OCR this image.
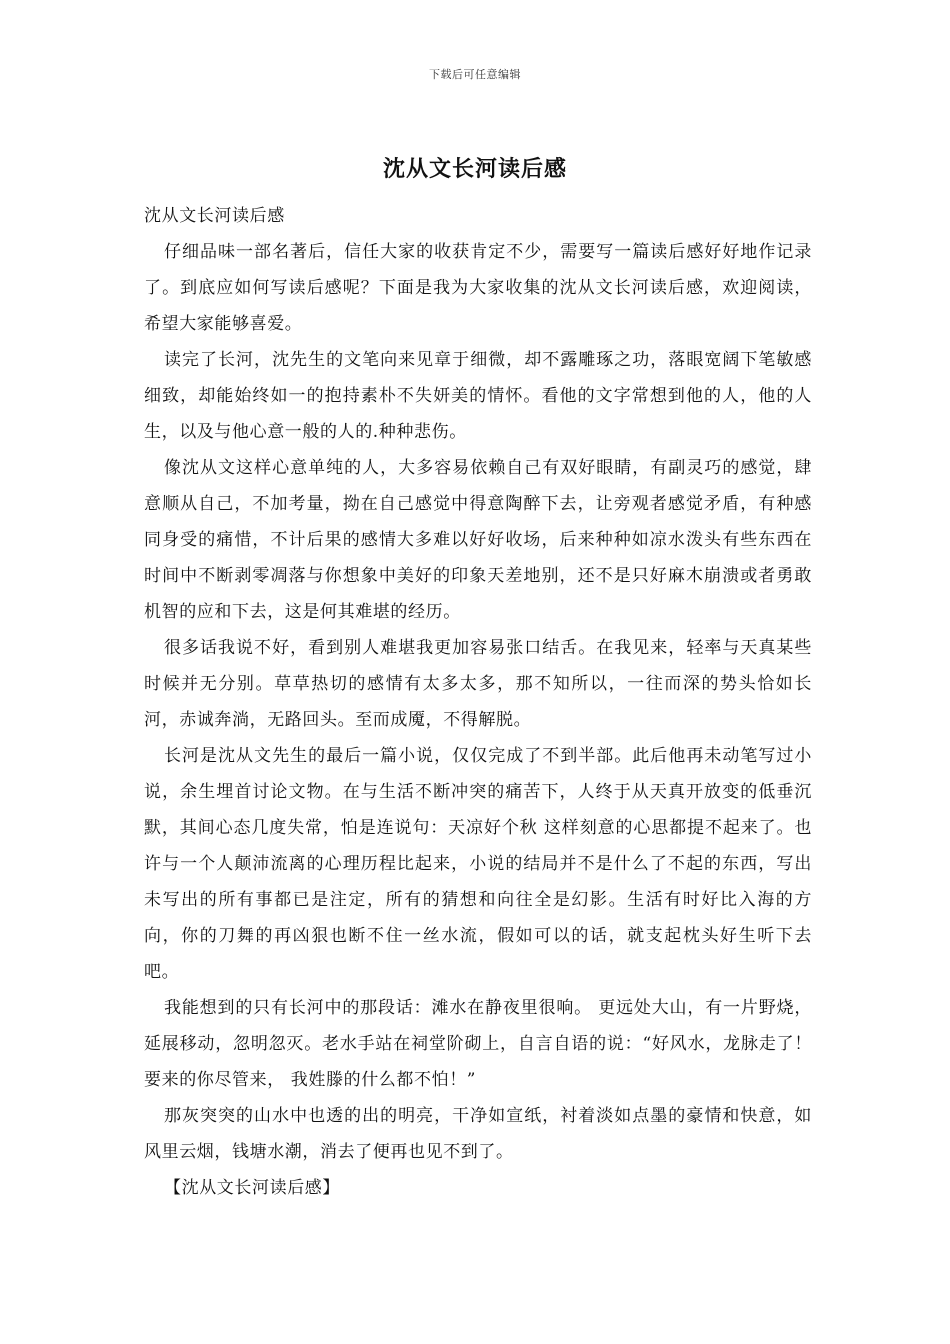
下载后可任意编辑
沈从文长河读后感

沈从文长河读后感

仔细品味一部名著后，信任大家的收获肯定不少，需要写一篇读后感好好地作记录了。到底应如何写读后感呢？下面是我为大家收集的沈从文长河读后感，欢迎阅读，希望大家能够喜爱。

读完了长河，沈先生的文笔向来见章于细微，却不露雕琢之功，落眼宽阔下笔敏感细致，却能始终如一的抱持素朴不失妍美的情怀。看他的文字常想到他的人，他的人生，以及与他心意一般的人的.种种悲伤。

像沈从文这样心意单纯的人，大多容易依赖自己有双好眼睛，有副灵巧的感觉，肆意顺从自己，不加考量，拗在自己感觉中得意陶醉下去，让旁观者感觉矛盾，有种感同身受的痛惜，不计后果的感情大多难以好好收场，后来种种如凉水泼头有些东西在时间中不断剥零凋落与你想象中美好的印象天差地别，还不是只好麻木崩溃或者勇敢机智的应和下去，这是何其难堪的经历。

很多话我说不好，看到别人难堪我更加容易张口结舌。在我见来，轻率与天真某些时候并无分别。草草热切的感情有太多太多，那不知所以，一往而深的势头恰如长河，赤诚奔淌，无路回头。至而成魇，不得解脱。

长河是沈从文先生的最后一篇小说，仅仅完成了不到半部。此后他再未动笔写过小说，余生埋首讨论文物。在与生活不断冲突的痛苦下，人终于从天真开放变的低垂沉默，其间心态几度失常，怕是连说句：天凉好个秋 这样刻意的心思都提不起来了。也许与一个人颠沛流离的心理历程比起来，小说的结局并不是什么了不起的东西，写出未写出的所有事都已是注定，所有的猜想和向往全是幻影。生活有时好比入海的方向，你的刀舞的再凶狠也断不住一丝水流，假如可以的话，就支起枕头好生听下去吧。

我能想到的只有长河中的那段话：滩水在静夜里很响。 更远处大山，有一片野烧，延展移动，忽明忽灭。老水手站在祠堂阶砌上，自言自语的说：“好风水，龙脉走了！要来的你尽管来， 我姓滕的什么都不怕！”

那灰突突的山水中也透的出的明亮，干净如宣纸，衬着淡如点墨的豪情和快意，如风里云烟，钱塘水潮，消去了便再也见不到了。

【沈从文长河读后感】
